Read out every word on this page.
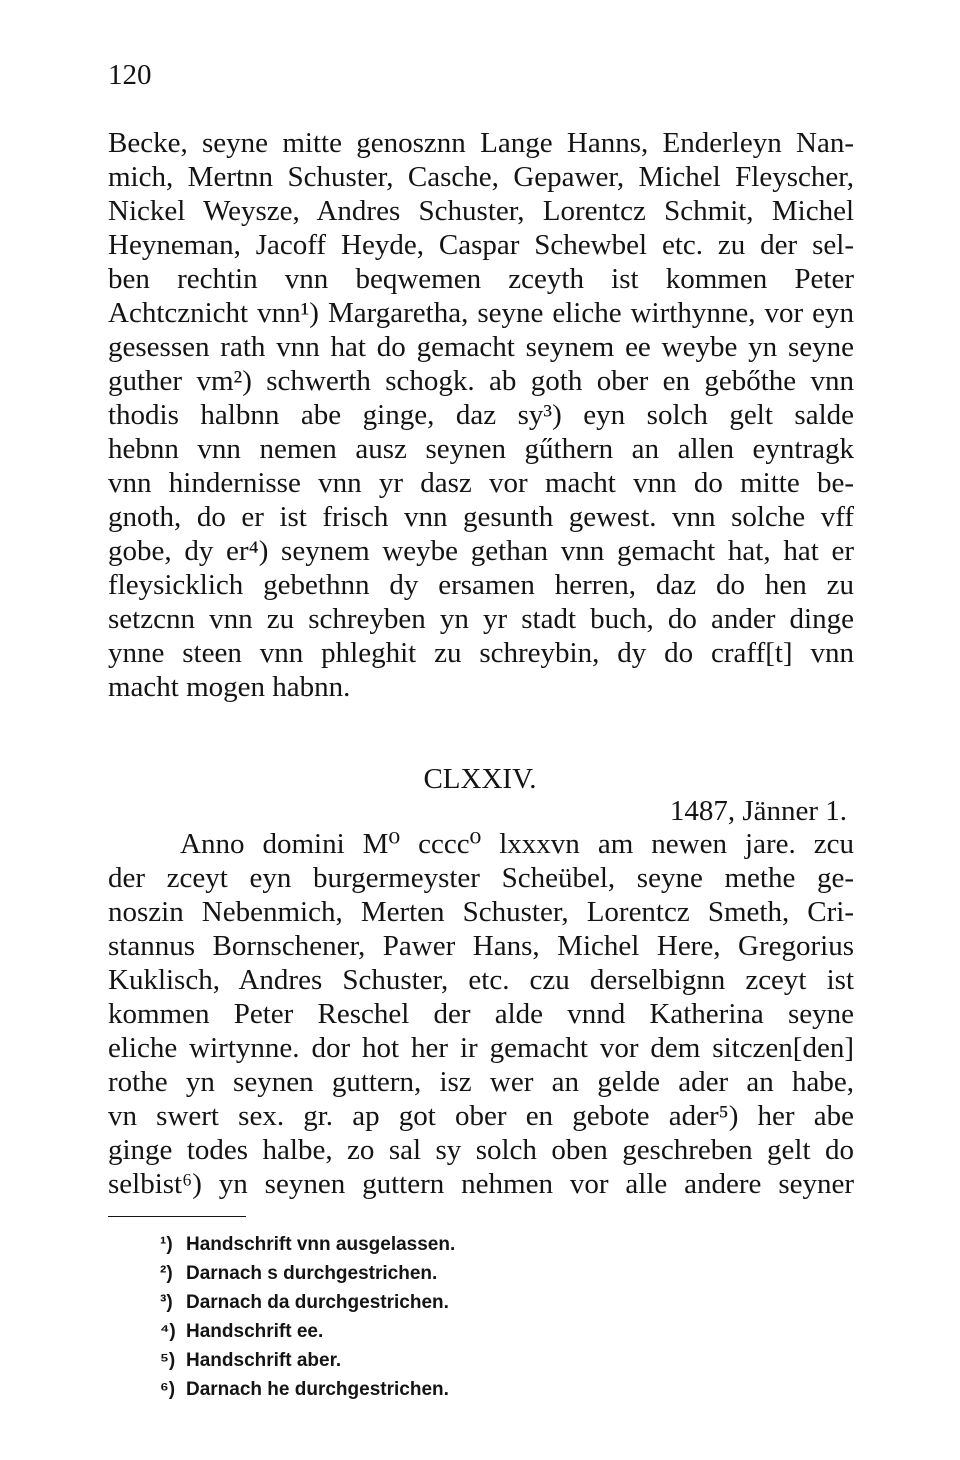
120
Becke, seyne mitte genosznn Lange Hanns, Enderleyn Nan-
mich, Mertnn Schuster, Casche, Gepawer, Michel Fleyscher,
Nickel Weysze, Andres Schuster, Lorentcz Schmit, Michel
Heyneman, Jacoff Heyde, Caspar Schewbel etc. zu der sel-
ben rechtin vnn beqwemen zceyth ist kommen Peter
Achtcznicht vnn¹) Margaretha, seyne eliche wirthynne, vor eyn
gesessen rath vnn hat do gemacht seynem ee weybe yn seyne
guther vm²) schwerth schogk. ab goth ober en gebőthe vnn
thodis halbnn abe ginge, daz sy³) eyn solch gelt salde
hebnn vnn nemen ausz seynen gűthern an allen eyntragk
vnn hindernisse vnn yr dasz vor macht vnn do mitte be-
gnoth, do er ist frisch vnn gesunth gewest. vnn solche vff
gobe, dy er⁴) seynem weybe gethan vnn gemacht hat, hat er
fleysicklich gebethnn dy ersamen herren, daz do hen zu
setzcnn vnn zu schreyben yn yr stadt buch, do ander dinge
ynne steen vnn phleghit zu schreybin, dy do craff[t] vnn
macht mogen habnn.
CLXXIV.
1487, Jänner 1.
Anno domini M⁰ cccc⁰ lxxxvn am newen jare. zcu
der zceyt eyn burgermeyster Scheübel, seyne methe ge-
noszin Nebenmich, Merten Schuster, Lorentcz Smeth, Cri-
stannus Bornschener, Pawer Hans, Michel Here, Gregorius
Kuklisch, Andres Schuster, etc. czu derselbignn zceyt ist
kommen Peter Reschel der alde vnnd Katherina seyne
eliche wirtynne. dor hot her ir gemacht vor dem sitczen[den]
rothe yn seynen guttern, isz wer an gelde ader an habe,
vn swert sex. gr. ap got ober en gebote ader⁵) her abe
ginge todes halbe, zo sal sy solch oben geschreben gelt do
selbist⁶) yn seynen guttern nehmen vor alle andere seyner
¹) Handschrift vnn ausgelassen.
²) Darnach s durchgestrichen.
³) Darnach da durchgestrichen.
⁴) Handschrift ee.
⁵) Handschrift aber.
⁶) Darnach he durchgestrichen.
